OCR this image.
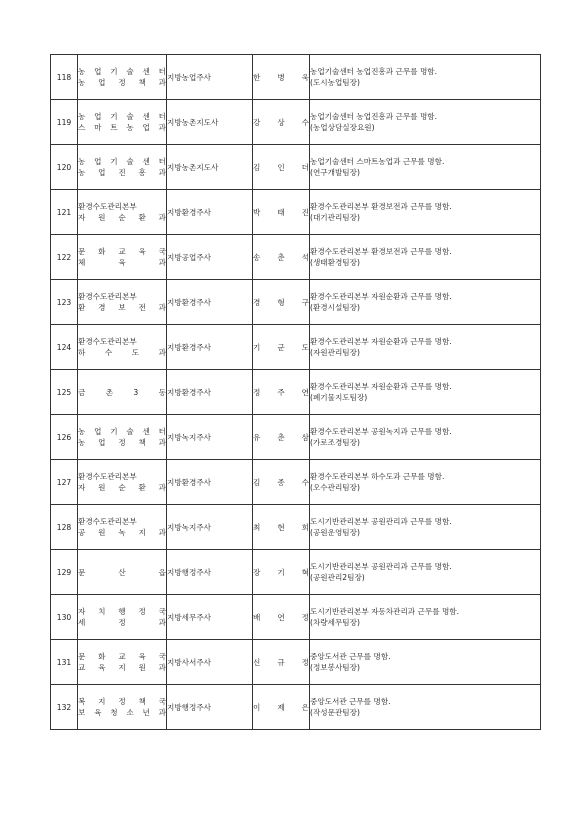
118	농 업 기 술 센 터
농 업 정 책 과	지방농업주사	한 병 욱	농업기술센터 농업진흥과 근무를 명함.
(도시농업팀장)

119	농 업 기 술 센 터
스 마 트 농 업 과	지방농촌지도사	강 상 수	농업기술센터 농업진흥과 근무를 명함.
(농업상담실장요원)

120	농 업 기 술 센 터
농 업 진 흥 과	지방농촌지도사	김 인 더	농업기술센터 스마트농업과 근무를 명함.
(연구개발팀장)

121	환경수도관리본부
자 원 순 환 과	지방환경주사	박 태 진	환경수도관리본부 환경보전과 근무를 명함.
(대기관리팀장)

122	문 화 교 육 국
체 육 과	지방공업주사	송 춘 석	환경수도관리본부 환경보전과 근무를 명함.
(생태환경팀장)

123	환경수도관리본부
환 경 보 전 과	지방환경주사	경 형 구	환경수도관리본부 자원순환과 근무를 명함.
(환경시설팀장)

124	환경수도관리본부
하 수 도 과	지방환경주사	기 군 도	환경수도관리본부 자원순환과 근무를 명함.
(자원관리팀장)

125	금 촌 3 동	지방환경주사	정 주 연	환경수도관리본부 자원순환과 근무를 명함.
(폐기물지도팀장)

126	농 업 기 술 센 터
농 업 정 책 과	지방녹지주사	유 춘 삼	환경수도관리본부 공원녹지과 근무를 명함.
(가로조경팀장)

127	환경수도관리본부
자 원 순 환 과	지방환경주사	김 종 수	환경수도관리본부 하수도과 근무를 명함.
(오수관리팀장)

128	환경수도관리본부
공 원 녹 지 과	지방녹지주사	최 현 희	도시기반관리본부 공원관리과 근무를 명함.
(공원운영팀장)

129	문 산 읍	지방행정주사	장 기 혁	도시기반관리본부 공원관리과 근무를 명함.
(공원관리2팀장)

130	자 치 행 정 국
세 정 과	지방세무주사	배 연 정	도시기반관리본부 자동차관리과 근무를 명함.
(차량세무팀장)

131	문 화 교 육 국
교 육 지 원 과	지방사서주사	신 규 정	중앙도서관 근무를 명함.
(정보봉사팀장)

132	복 지 정 책 국
보 육 청 소 년 과	지방행정주사	이 제 은	중앙도서관 근무를 명함.
(작성문관팀장)
